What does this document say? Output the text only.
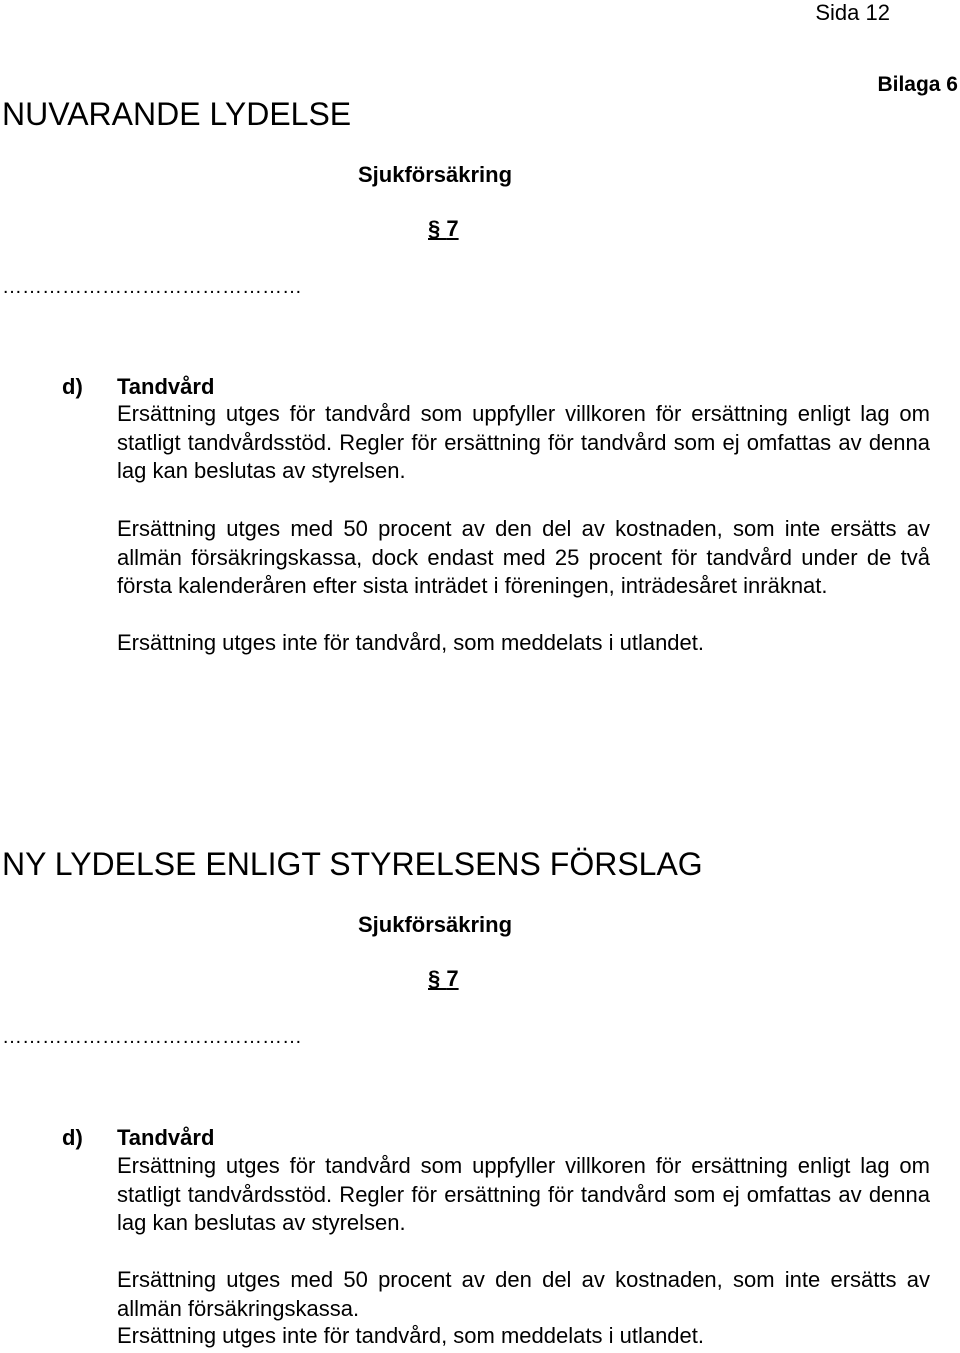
Sida 12
Bilaga 6
NUVARANDE LYDELSE
Sjukförsäkring
§ 7
………………………………………
d) Tandvård
Ersättning utges för tandvård som uppfyller villkoren för ersättning enligt lag om statligt tandvårdsstöd. Regler för ersättning för tandvård som ej omfattas av denna lag kan beslutas av styrelsen.
Ersättning utges med 50 procent av den del av kostnaden, som inte ersätts av allmän försäkringskassa, dock endast med 25 procent för tandvård under de två första kalenderåren efter sista inträdet i föreningen, inträdesåret inräknat.
Ersättning utges inte för tandvård, som meddelats i utlandet.
NY LYDELSE ENLIGT STYRELSENS FÖRSLAG
Sjukförsäkring
§ 7
………………………………………
d) Tandvård
Ersättning utges för tandvård som uppfyller villkoren för ersättning enligt lag om statligt tandvårdsstöd. Regler för ersättning för tandvård som ej omfattas av denna lag kan beslutas av styrelsen.
Ersättning utges med 50 procent av den del av kostnaden, som inte ersätts av allmän försäkringskassa.
Ersättning utges inte för tandvård, som meddelats i utlandet.
